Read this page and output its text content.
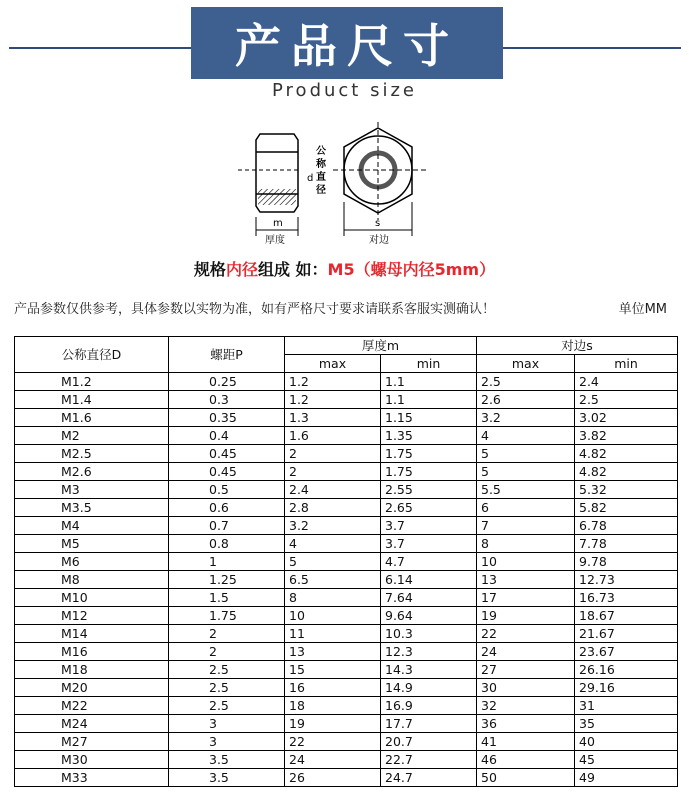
产品尺寸
Product size
d
m
厚度
公
称
直
径
s
对边
规格内径组成 如：M5（螺母内径5mm）
产品参数仅供参考，具体参数以实物为准，如有严格尺寸要求请联系客服实测确认！	单位MM
公称直径D	螺距P	厚度m		对边s	
		max	min	max	min
M1.2	0.25	1.2	1.1	2.5	2.4
M1.4	0.3	1.2	1.1	2.6	2.5
M1.6	0.35	1.3	1.15	3.2	3.02
M2	0.4	1.6	1.35	4	3.82
M2.5	0.45	2	1.75	5	4.82
M2.6	0.45	2	1.75	5	4.82
M3	0.5	2.4	2.55	5.5	5.32
M3.5	0.6	2.8	2.65	6	5.82
M4	0.7	3.2	3.7	7	6.78
M5	0.8	4	3.7	8	7.78
M6	1	5	4.7	10	9.78
M8	1.25	6.5	6.14	13	12.73
M10	1.5	8	7.64	17	16.73
M12	1.75	10	9.64	19	18.67
M14	2	11	10.3	22	21.67
M16	2	13	12.3	24	23.67
M18	2.5	15	14.3	27	26.16
M20	2.5	16	14.9	30	29.16
M22	2.5	18	16.9	32	31
M24	3	19	17.7	36	35
M27	3	22	20.7	41	40
M30	3.5	24	22.7	46	45
M33	3.5	26	24.7	50	49
